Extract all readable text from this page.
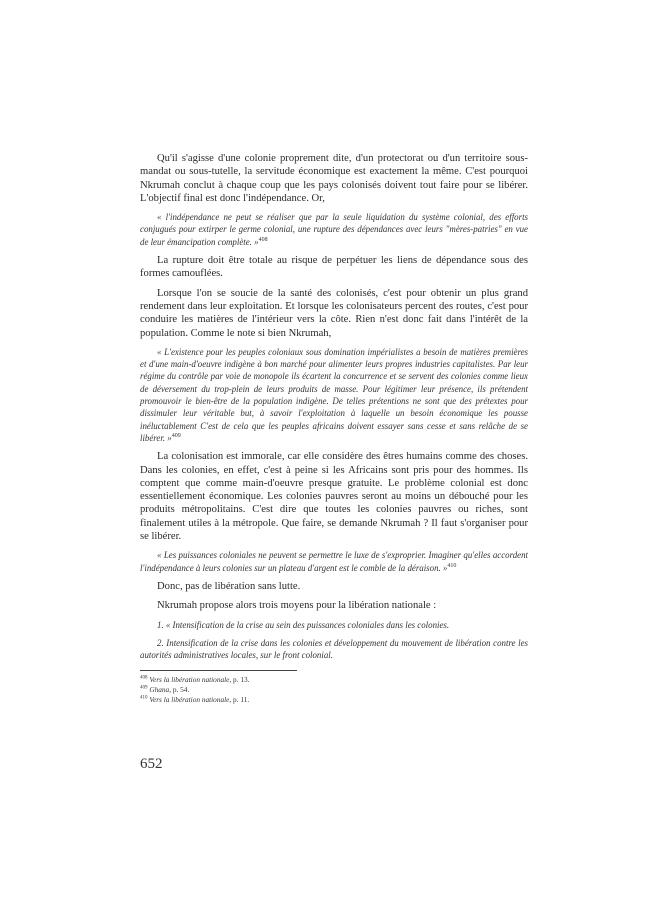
Qu'il s'agisse d'une colonie proprement dite, d'un protectorat ou d'un territoire sous-mandat ou sous-tutelle, la servitude économique est exactement la même. C'est pourquoi Nkrumah conclut à chaque coup que les pays colonisés doivent tout faire pour se libérer. L'objectif final est donc l'indépendance. Or,

« l'indépendance ne peut se réaliser que par la seule liquidation du système colonial, des efforts conjugués pour extirper le germe colonial, une rupture des dépendances avec leurs "mères-patries" en vue de leur émancipation complète. »$^{408}$

La rupture doit être totale au risque de perpétuer les liens de dépendance sous des formes camouflées.

Lorsque l'on se soucie de la santé des colonisés, c'est pour obtenir un plus grand rendement dans leur exploitation. Et lorsque les colonisateurs percent des routes, c'est pour conduire les matières de l'intérieur vers la côte. Rien n'est donc fait dans l'intérêt de la population. Comme le note si bien Nkrumah,

« L'existence pour les peuples coloniaux sous domination impérialistes a besoin de matières premières et d'une main-d'oeuvre indigène à bon marché pour alimenter leurs propres industries capitalistes. Par leur régime du contrôle par voie de monopole ils écartent la concurrence et se servent des colonies comme lieux de déversement du trop-plein de leurs produits de masse. Pour légitimer leur présence, ils prétendent promouvoir le bien-être de la population indigène. De telles prétentions ne sont que des prétextes pour dissimuler leur véritable but, à savoir l'exploitation à laquelle un besoin économique les pousse inéluctablement C'est de cela que les peuples africains doivent essayer sans cesse et sans relâche de se libérer. »$^{409}$

La colonisation est immorale, car elle considère des êtres humains comme des choses. Dans les colonies, en effet, c'est à peine si les Africains sont pris pour des hommes. Ils comptent que comme main-d'oeuvre presque gratuite. Le problème colonial est donc essentiellement économique. Les colonies pauvres seront au moins un débouché pour les produits métropolitains. C'est dire que toutes les colonies pauvres ou riches, sont finalement utiles à la métropole. Que faire, se demande Nkrumah ? Il faut s'organiser pour se libérer.

« Les puissances coloniales ne peuvent se permettre le luxe de s'exproprier. Imaginer qu'elles accordent l'indépendance à leurs colonies sur un plateau d'argent est le comble de la déraison. »$^{410}$

Donc, pas de libération sans lutte.

Nkrumah propose alors trois moyens pour la libération nationale :

1. « Intensification de la crise au sein des puissances coloniales dans les colonies.

2. Intensification de la crise dans les colonies et développement du mouvement de libération contre les autorités administratives locales, sur le front colonial.

$^{408}$ Vers la libération nationale, p. 13.
$^{409}$ Ghana, p. 54.
$^{410}$ Vers la libération nationale, p. 11.
652
